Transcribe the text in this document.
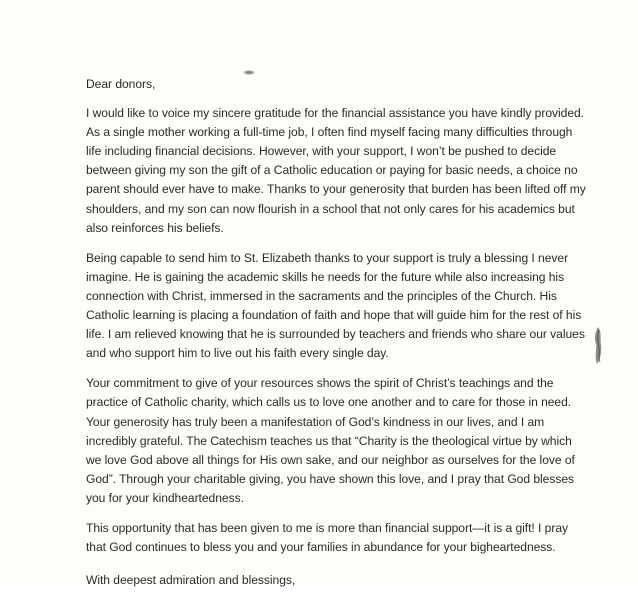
Dear donors,

I would like to voice my sincere gratitude for the financial assistance you have kindly provided. As a single mother working a full-time job, I often find myself facing many difficulties through life including financial decisions. However, with your support, I won’t be pushed to decide between giving my son the gift of a Catholic education or paying for basic needs, a choice no parent should ever have to make. Thanks to your generosity that burden has been lifted off my shoulders, and my son can now flourish in a school that not only cares for his academics but also reinforces his beliefs.

Being capable to send him to St. Elizabeth thanks to your support is truly a blessing I never imagine. He is gaining the academic skills he needs for the future while also increasing his connection with Christ, immersed in the sacraments and the principles of the Church. His Catholic learning is placing a foundation of faith and hope that will guide him for the rest of his life. I am relieved knowing that he is surrounded by teachers and friends who share our values and who support him to live out his faith every single day.

Your commitment to give of your resources shows the spirit of Christ’s teachings and the practice of Catholic charity, which calls us to love one another and to care for those in need. Your generosity has truly been a manifestation of God’s kindness in our lives, and I am incredibly grateful. The Catechism teaches us that “Charity is the theological virtue by which we love God above all things for His own sake, and our neighbor as ourselves for the love of God”. Through your charitable giving, you have shown this love, and I pray that God blesses you for your kindheartedness.

This opportunity that has been given to me is more than financial support—it is a gift! I pray that God continues to bless you and your families in abundance for your bigheartedness.

With deepest admiration and blessings,
